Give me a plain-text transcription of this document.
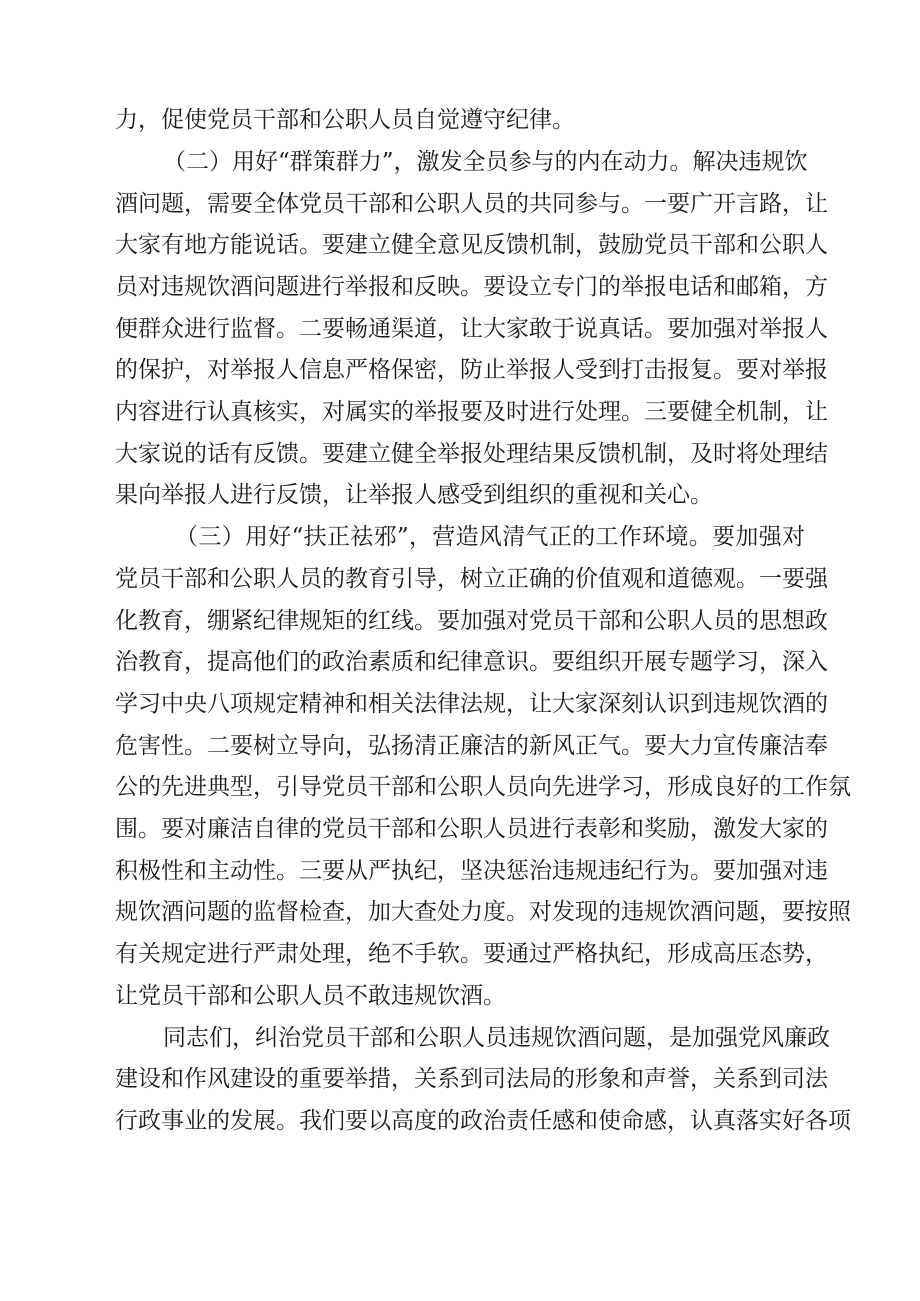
力，促使党员干部和公职人员自觉遵守纪律。

（二）用好“群策群力”，激发全员参与的内在动力。解决违规饮

酒问题，需要全体党员干部和公职人员的共同参与。一要广开言路，让

大家有地方能说话。要建立健全意见反馈机制，鼓励党员干部和公职人

员对违规饮酒问题进行举报和反映。要设立专门的举报电话和邮箱，方

便群众进行监督。二要畅通渠道，让大家敢于说真话。要加强对举报人

的保护，对举报人信息严格保密，防止举报人受到打击报复。要对举报

内容进行认真核实，对属实的举报要及时进行处理。三要健全机制，让

大家说的话有反馈。要建立健全举报处理结果反馈机制，及时将处理结

果向举报人进行反馈，让举报人感受到组织的重视和关心。

（三）用好“扶正祛邪”，营造风清气正的工作环境。要加强对

党员干部和公职人员的教育引导，树立正确的价值观和道德观。一要强

化教育，绷紧纪律规矩的红线。要加强对党员干部和公职人员的思想政

治教育，提高他们的政治素质和纪律意识。要组织开展专题学习，深入

学习中央八项规定精神和相关法律法规，让大家深刻认识到违规饮酒的

危害性。二要树立导向，弘扬清正廉洁的新风正气。要大力宣传廉洁奉

公的先进典型，引导党员干部和公职人员向先进学习，形成良好的工作氛

围。要对廉洁自律的党员干部和公职人员进行表彰和奖励，激发大家的

积极性和主动性。三要从严执纪，坚决惩治违规违纪行为。要加强对违

规饮酒问题的监督检查，加大查处力度。对发现的违规饮酒问题，要按照

有关规定进行严肃处理，绝不手软。要通过严格执纪，形成高压态势，

让党员干部和公职人员不敢违规饮酒。

同志们，纠治党员干部和公职人员违规饮酒问题，是加强党风廉政

建设和作风建设的重要举措，关系到司法局的形象和声誉，关系到司法

行政事业的发展。我们要以高度的政治责任感和使命感，认真落实好各项
